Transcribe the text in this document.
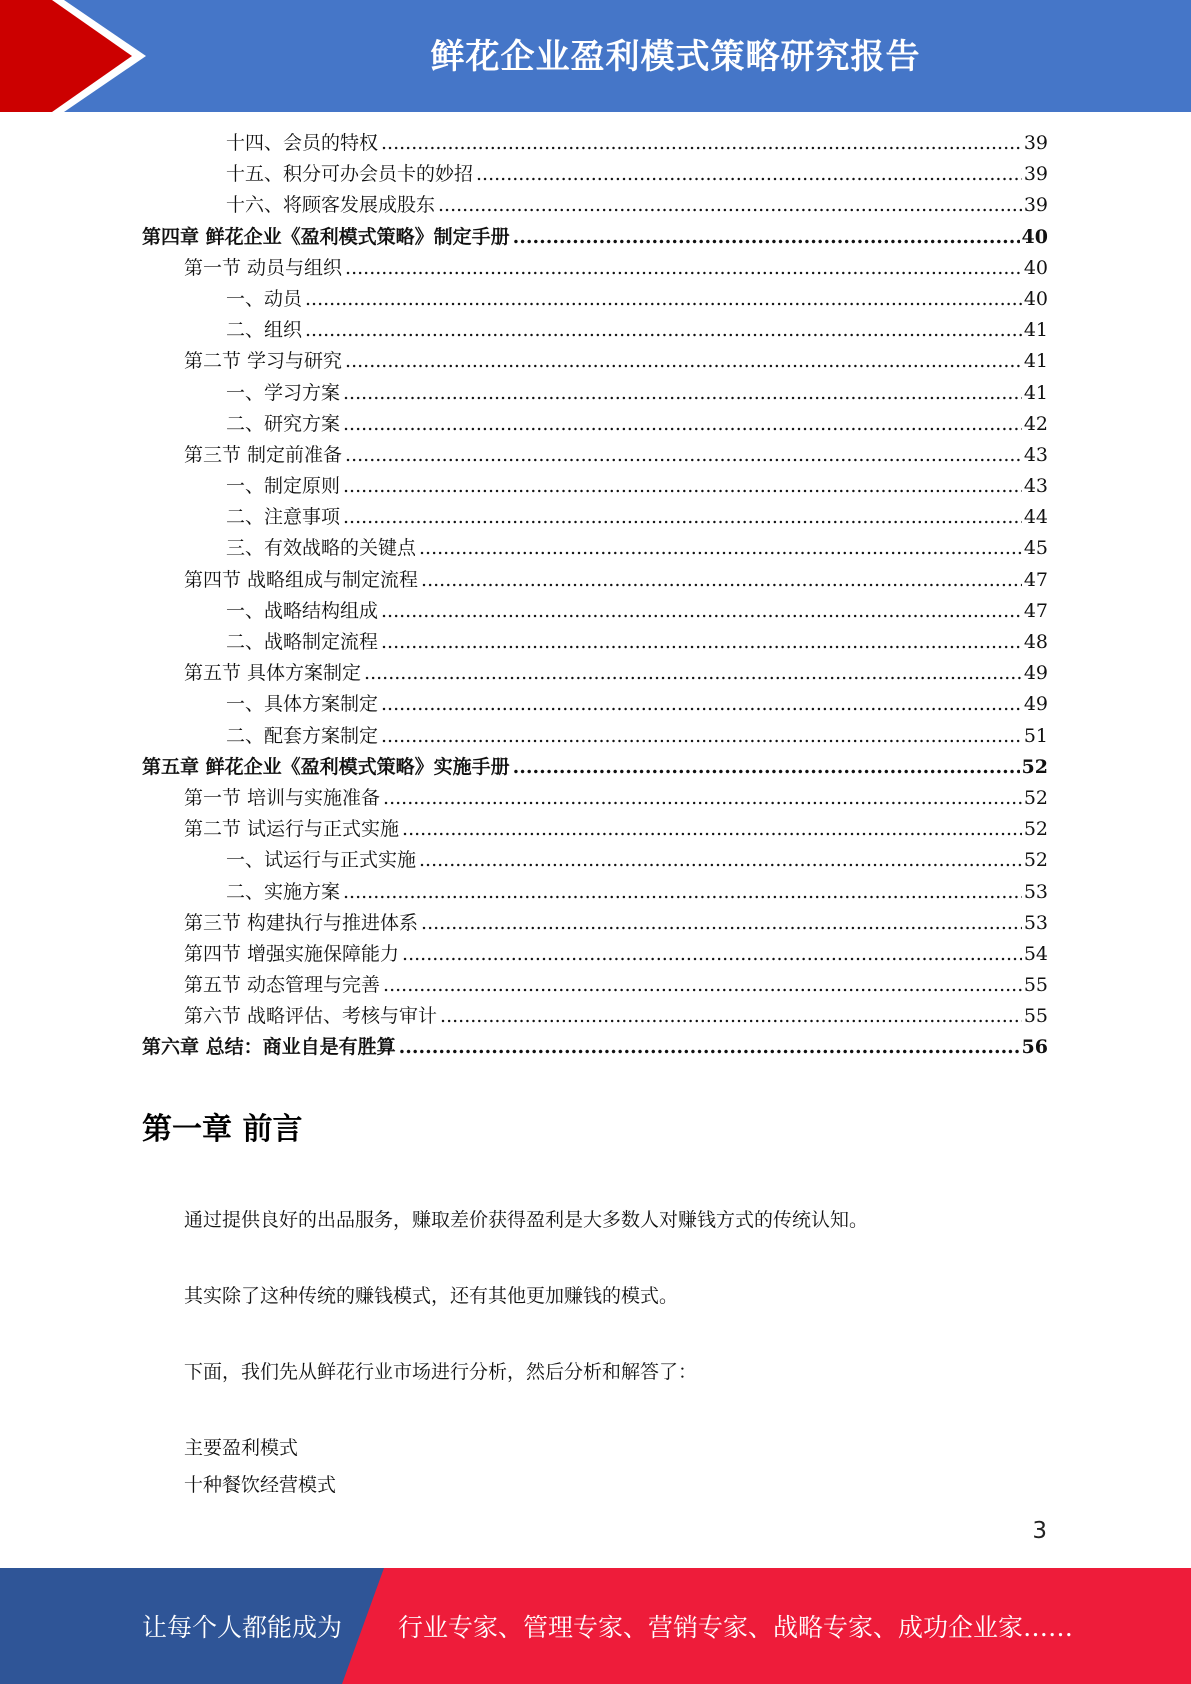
鲜花企业盈利模式策略研究报告
十四、会员的特权 .....	39
十五、积分可办会员卡的妙招 .....	39
十六、将顾客发展成股东 .....	39
第四章 鲜花企业《盈利模式策略》制定手册 .....	40
第一节 动员与组织 .....	40
一、动员 .....	40
二、组织 .....	41
第二节 学习与研究 .....	41
一、学习方案 .....	41
二、研究方案 .....	42
第三节 制定前准备 .....	43
一、制定原则 .....	43
二、注意事项 .....	44
三、有效战略的关键点 .....	45
第四节 战略组成与制定流程 .....	47
一、战略结构组成 .....	47
二、战略制定流程 .....	48
第五节 具体方案制定 .....	49
一、具体方案制定 .....	49
二、配套方案制定 .....	51
第五章 鲜花企业《盈利模式策略》实施手册 .....	52
第一节 培训与实施准备 .....	52
第二节 试运行与正式实施 .....	52
一、试运行与正式实施 .....	52
二、实施方案 .....	53
第三节 构建执行与推进体系 .....	53
第四节 增强实施保障能力 .....	54
第五节 动态管理与完善 .....	55
第六节 战略评估、考核与审计 .....	55
第六章 总结：商业自是有胜算 .....	56
第一章 前言
通过提供良好的出品服务，赚取差价获得盈利是大多数人对赚钱方式的传统认知。
其实除了这种传统的赚钱模式，还有其他更加赚钱的模式。
下面，我们先从鲜花行业市场进行分析，然后分析和解答了：
主要盈利模式
十种餐饮经营模式
3
让每个人都能成为 行业专家、管理专家、营销专家、战略专家、成功企业家……
